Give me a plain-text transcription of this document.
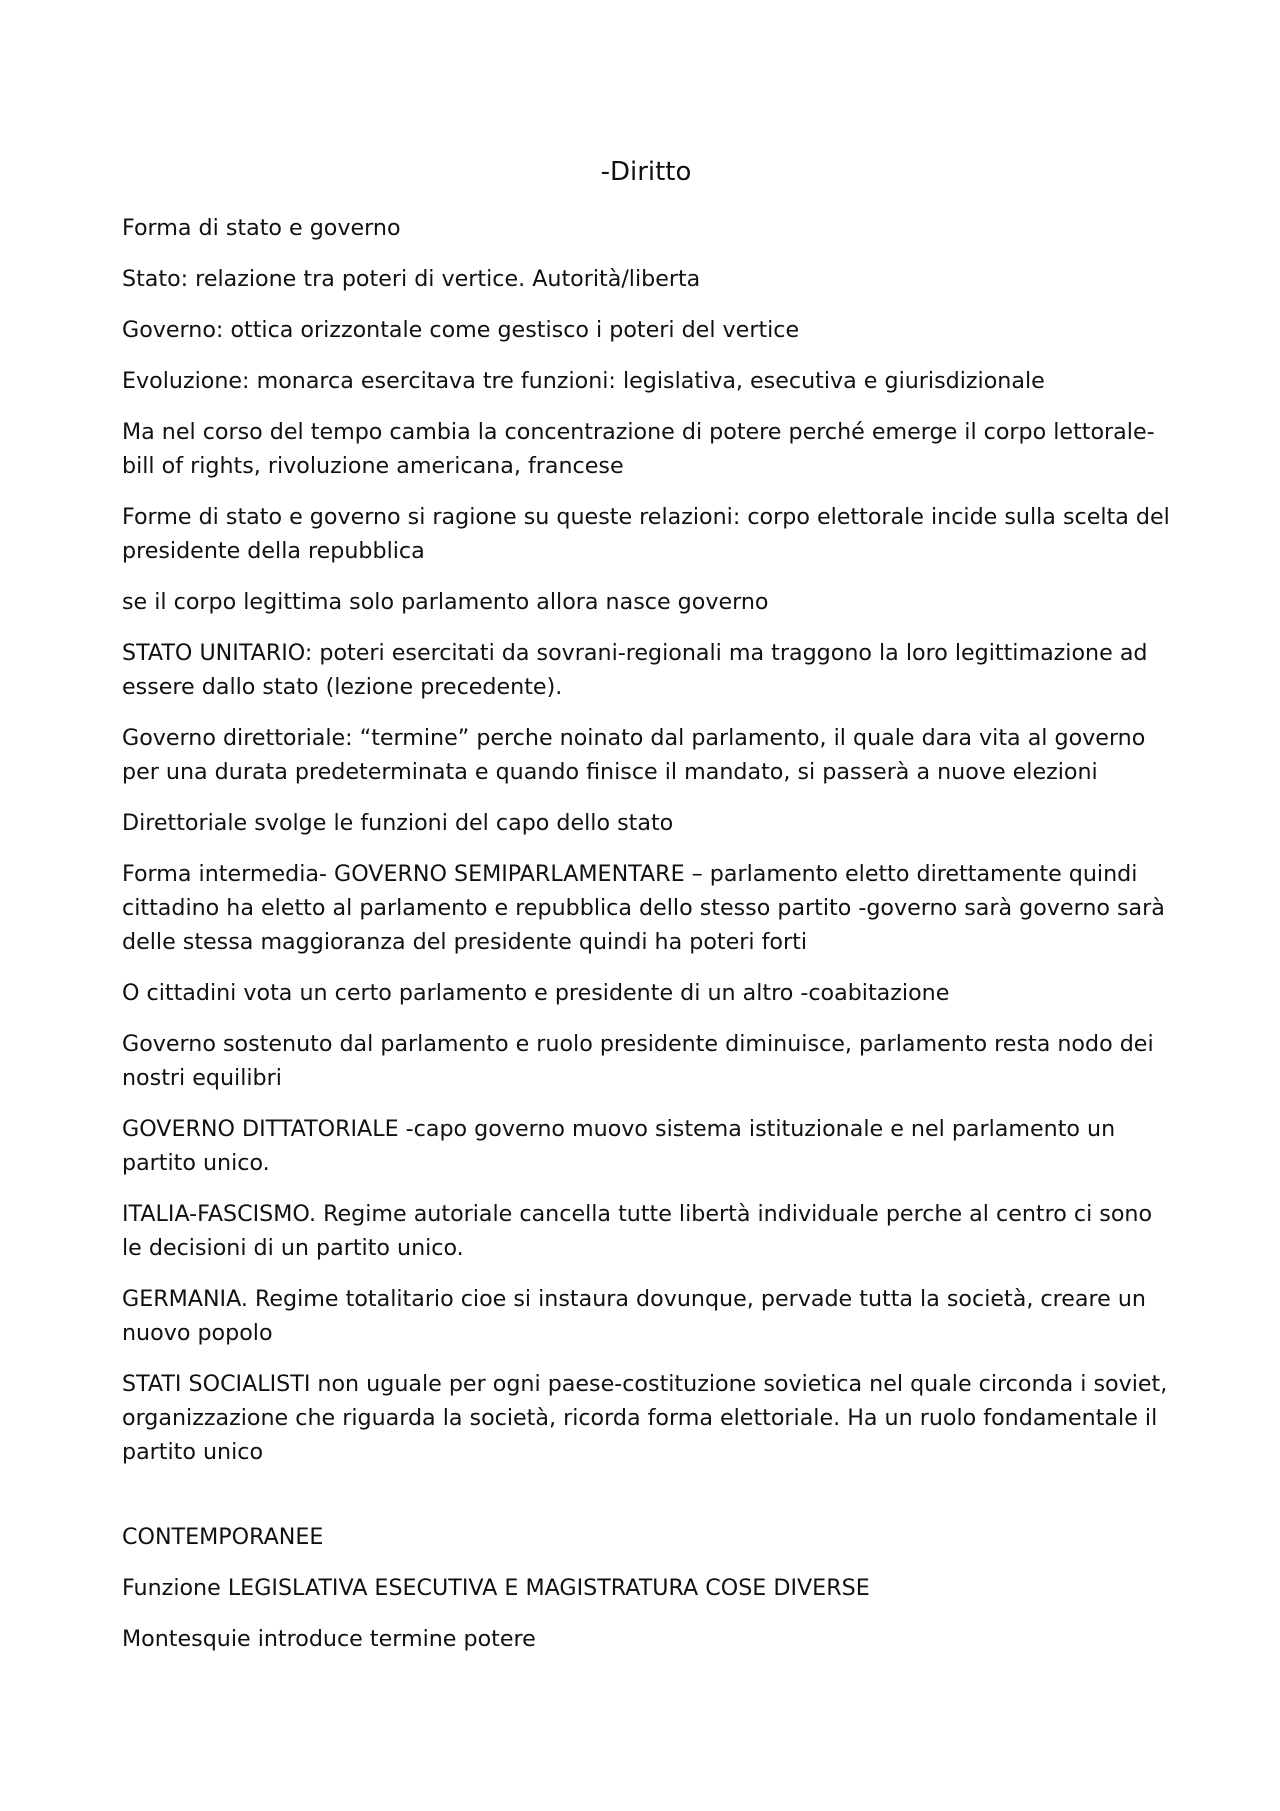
-Diritto

Forma di stato e governo

Stato: relazione tra poteri di vertice. Autorità/liberta

Governo: ottica orizzontale come gestisco i poteri del vertice

Evoluzione: monarca esercitava tre funzioni: legislativa, esecutiva e giurisdizionale

Ma nel corso del tempo cambia la concentrazione di potere perché emerge il corpo lettorale- bill of rights, rivoluzione americana, francese

Forme di stato e governo si ragione su queste relazioni: corpo elettorale incide sulla scelta del presidente della repubblica

se il corpo legittima solo parlamento allora nasce governo

STATO UNITARIO: poteri esercitati da sovrani-regionali ma traggono la loro legittimazione ad essere dallo stato (lezione precedente).

Governo direttoriale: “termine” perche noinato dal parlamento, il quale dara vita al governo per una durata predeterminata e quando finisce il mandato, si passerà a nuove elezioni

Direttoriale svolge le funzioni del capo dello stato

Forma intermedia- GOVERNO SEMIPARLAMENTARE – parlamento eletto direttamente quindi cittadino ha eletto al parlamento e repubblica dello stesso partito -governo sarà governo sarà delle stessa maggioranza del presidente quindi ha poteri forti

O cittadini vota un certo parlamento e presidente di un altro -coabitazione

Governo sostenuto dal parlamento e ruolo presidente diminuisce, parlamento resta nodo dei nostri equilibri

GOVERNO DITTATORIALE -capo governo muovo sistema istituzionale e nel parlamento un partito unico.

ITALIA-FASCISMO. Regime autoriale cancella tutte libertà individuale perche al centro ci sono le decisioni di un partito unico.

GERMANIA. Regime totalitario cioe si instaura dovunque, pervade tutta la società, creare un nuovo popolo

STATI SOCIALISTI non uguale per ogni paese-costituzione sovietica nel quale circonda i soviet, organizzazione che riguarda la società, ricorda forma elettoriale. Ha un ruolo fondamentale il partito unico

CONTEMPORANEE

Funzione LEGISLATIVA ESECUTIVA E MAGISTRATURA COSE DIVERSE

Montesquie introduce termine potere
